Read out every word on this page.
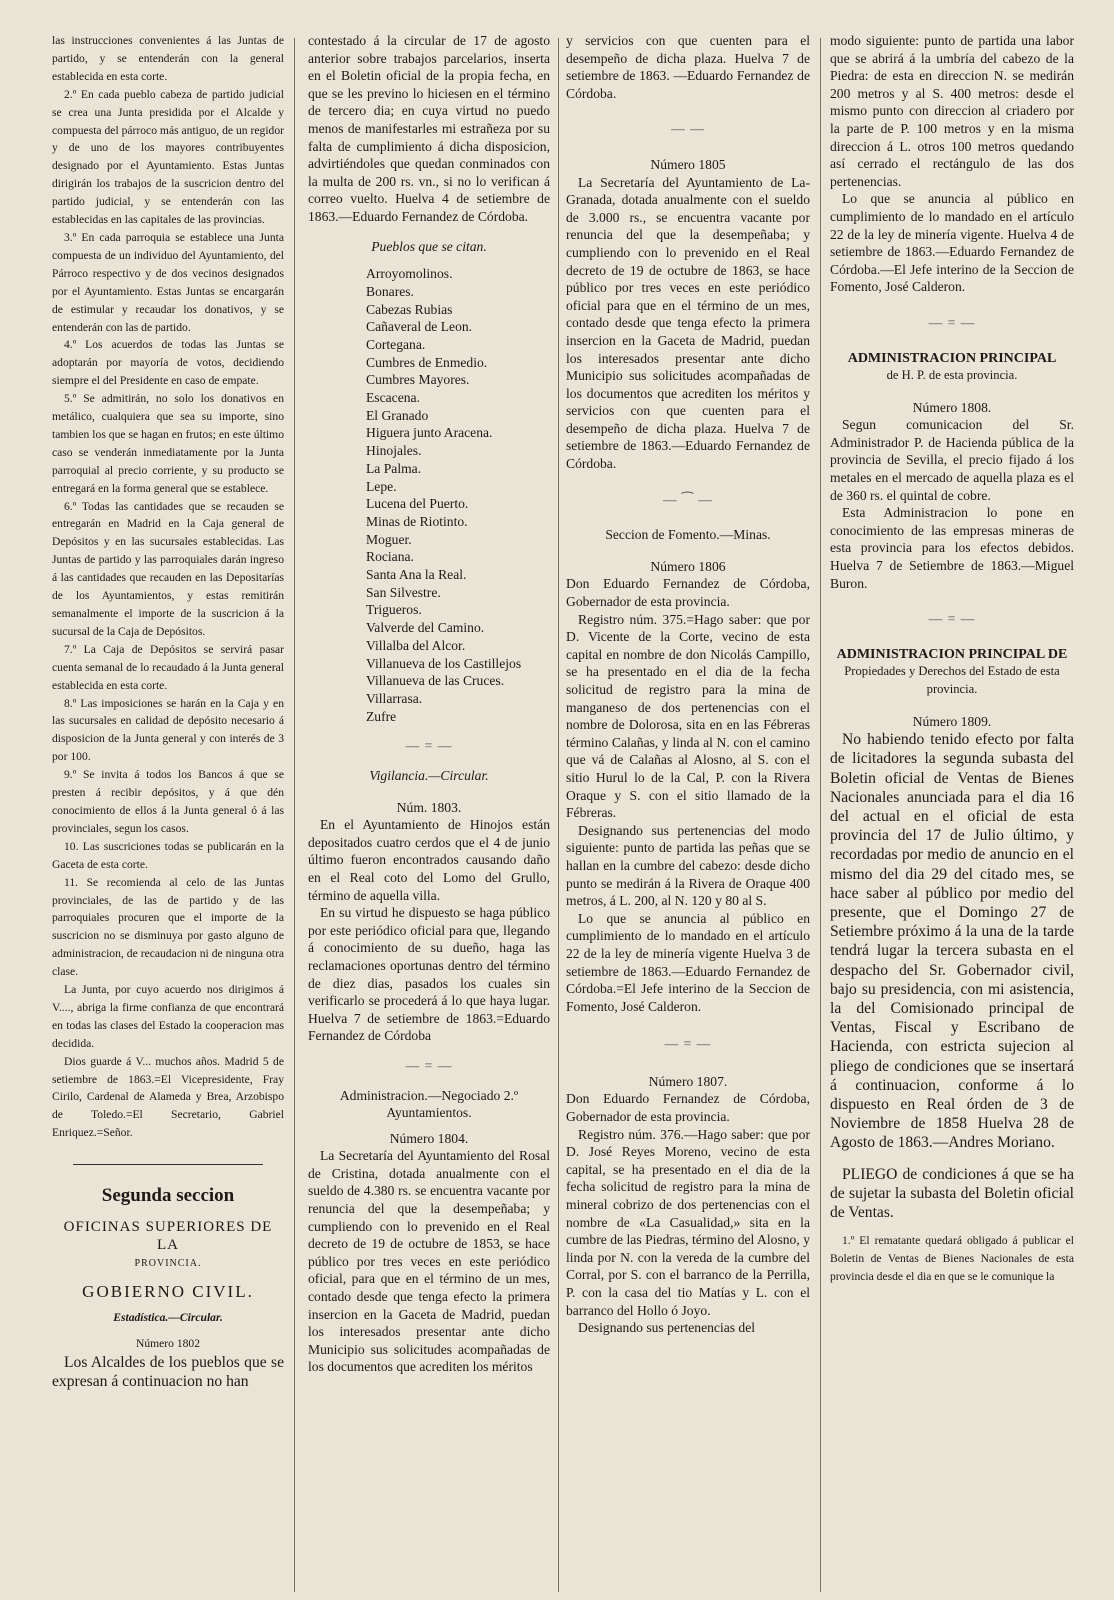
las instrucciones convenientes á las Juntas de partido, y se entenderán con la general establecida en esta corte.

2.º En cada pueblo cabeza de partido judicial se crea una Junta presidida por el Alcalde y compuesta del párroco más antiguo, de un regidor y de uno de los mayores contribuyentes designado por el Ayuntamiento. Estas Juntas dirigirán los trabajos de la suscricion dentro del partido judicial, y se entenderán con las establecidas en las capitales de las provincias.

3.º En cada parroquia se establece una Junta compuesta de un individuo del Ayuntamiento, del Párroco respectivo y de dos vecinos designados por el Ayuntamiento. Estas Juntas se encargarán de estimular y recaudar los donativos, y se entenderán con las de partido.

4.º Los acuerdos de todas las Juntas se adoptarán por mayoría de votos, decidiendo siempre el del Presidente en caso de empate.

5.º Se admitirán, no solo los donativos en metálico, cualquiera que sea su importe, sino tambien los que se hagan en frutos; en este último caso se venderán inmediatamente por la Junta parroquial al precio corriente, y su producto se entregará en la forma general que se establece.

6.º Todas las cantidades que se recauden se entregarán en Madrid en la Caja general de Depósitos y en las sucursales establecidas. Las Juntas de partido y las parroquiales darán ingreso á las cantidades que recauden en las Depositarías de los Ayuntamientos, y estas remitirán semanalmente el importe de la suscricion á la sucursal de la Caja de Depósitos.

7.º La Caja de Depósitos se servirá pasar cuenta semanal de lo recaudado á la Junta general establecida en esta corte.

8.º Las imposiciones se harán en la Caja y en las sucursales en calidad de depósito necesario á disposicion de la Junta general y con interés de 3 por 100.

9.º Se invita á todos los Bancos á que se presten á recibir depósitos, y á que dén conocimiento de ellos á la Junta general ó á las provinciales, segun los casos.

10. Las suscriciones todas se publicarán en la Gaceta de esta corte.

11. Se recomienda al celo de las Juntas provinciales, de las de partido y de las parroquiales procuren que el importe de la suscricion no se disminuya por gasto alguno de administracion, de recaudacion ni de ninguna otra clase.

La Junta, por cuyo acuerdo nos dirigimos á V...., abriga la firme confianza de que encontrará en todas las clases del Estado la cooperacion mas decidida.

Dios guarde á V... muchos años. Madrid 5 de setiembre de 1863.=El Vicepresidente, Fray Cirilo, Cardenal de Alameda y Brea, Arzobispo de Toledo.=El Secretario, Gabriel Enriquez.=Señor.

Segunda seccion
OFICINAS SUPERIORES DE LA
PROVINCIA.
GOBIERNO CIVIL.

Estadística.—Circular.

Número 1802

Los Alcaldes de los pueblos que se expresan á continuacion no han

contestado á la circular de 17 de agosto anterior sobre trabajos parcelarios, inserta en el Boletin oficial de la propia fecha, en que se les previno lo hiciesen en el término de tercero dia; en cuya virtud no puedo menos de manifestarles mi estrañeza por su falta de cumplimiento á dicha disposicion, advirtiéndoles que quedan conminados con la multa de 200 rs. vn., si no lo verifican á correo vuelto. Huelva 4 de setiembre de 1863.—Eduardo Fernandez de Córdoba.

Pueblos que se citan.

Arroyomolinos.
Bonares.
Cabezas Rubias
Cañaveral de Leon.
Cortegana.
Cumbres de Enmedio.
Cumbres Mayores.
Escacena.
El Granado
Higuera junto Aracena.
Hinojales.
La Palma.
Lepe.
Lucena del Puerto.
Minas de Riotinto.
Moguer.
Rociana.
Santa Ana la Real.
San Silvestre.
Trigueros.
Valverde del Camino.
Villalba del Alcor.
Villanueva de los Castillejos
Villanueva de las Cruces.
Villarrasa.
Zufre
— = —

Vigilancia.—Circular.

Núm. 1803.

En el Ayuntamiento de Hinojos están depositados cuatro cerdos que el 4 de junio último fueron encontrados causando daño en el Real coto del Lomo del Grullo, término de aquella villa.

En su virtud he dispuesto se haga público por este periódico oficial para que, llegando á conocimiento de su dueño, haga las reclamaciones oportunas dentro del término de diez dias, pasados los cuales sin verificarlo se procederá á lo que haya lugar. Huelva 7 de setiembre de 1863.=Eduardo Fernandez de Córdoba

— = —

Administracion.—Negociado 2.º Ayuntamientos.

Número 1804.

La Secretaría del Ayuntamiento del Rosal de Cristina, dotada anualmente con el sueldo de 4.380 rs. se encuentra vacante por renuncia del que la desempeñaba; y cumpliendo con lo prevenido en el Real decreto de 19 de octubre de 1853, se hace público por tres veces en este periódico oficial, para que en el término de un mes, contado desde que tenga efecto la primera insercion en la Gaceta de Madrid, puedan los interesados presentar ante dicho Municipio sus solicitudes acompañadas de los documentos que acrediten los méritos

y servicios con que cuenten para el desempeño de dicha plaza. Huelva 7 de setiembre de 1863. —Eduardo Fernandez de Córdoba.

— —

Número 1805

La Secretaría del Ayuntamiento de La-Granada, dotada anualmente con el sueldo de 3.000 rs., se encuentra vacante por renuncia del que la desempeñaba; y cumpliendo con lo prevenido en el Real decreto de 19 de octubre de 1863, se hace público por tres veces en este periódico oficial para que en el término de un mes, contado desde que tenga efecto la primera insercion en la Gaceta de Madrid, puedan los interesados presentar ante dicho Municipio sus solicitudes acompañadas de los documentos que acrediten los méritos y servicios con que cuenten para el desempeño de dicha plaza. Huelva 7 de setiembre de 1863.—Eduardo Fernandez de Córdoba.

— ⁀ —

Seccion de Fomento.—Minas.

Número 1806

Don Eduardo Fernandez de Córdoba, Gobernador de esta provincia.

Registro núm. 375.=Hago saber: que por D. Vicente de la Corte, vecino de esta capital en nombre de don Nicolás Campillo, se ha presentado en el dia de la fecha solicitud de registro para la mina de manganeso de dos pertenencias con el nombre de Dolorosa, sita en en las Fébreras término Calañas, y linda al N. con el camino que vá de Calañas al Alosno, al S. con el sitio Hurul lo de la Cal, P. con la Rivera Oraque y S. con el sitio llamado de la Fébreras.

Designando sus pertenencias del modo siguiente: punto de partida las peñas que se hallan en la cumbre del cabezo: desde dicho punto se medirán á la Rivera de Oraque 400 metros, á L. 200, al N. 120 y 80 al S.

Lo que se anuncia al público en cumplimiento de lo mandado en el artículo 22 de la ley de minería vigente Huelva 3 de setiembre de 1863.—Eduardo Fernandez de Córdoba.=El Jefe interino de la Seccion de Fomento, José Calderon.

— = —

Número 1807.

Don Eduardo Fernandez de Córdoba, Gobernador de esta provincia.

Registro núm. 376.—Hago saber: que por D. José Reyes Moreno, vecino de esta capital, se ha presentado en el dia de la fecha solicitud de registro para la mina de mineral cobrizo de dos pertenencias con el nombre de «La Casualidad,» sita en la cumbre de las Piedras, término del Alosno, y linda por N. con la vereda de la cumbre del Corral, por S. con el barranco de la Perrilla, P. con la casa del tio Matías y L. con el barranco del Hollo ó Joyo.

Designando sus pertenencias del

modo siguiente: punto de partida una labor que se abrirá á la umbría del cabezo de la Piedra: de esta en direccion N. se medirán 200 metros y al S. 400 metros: desde el mismo punto con direccion al criadero por la parte de P. 100 metros y en la misma direccion á L. otros 100 metros quedando así cerrado el rectángulo de las dos pertenencias.

Lo que se anuncia al público en cumplimiento de lo mandado en el artículo 22 de la ley de minería vigente. Huelva 4 de setiembre de 1863.—Eduardo Fernandez de Córdoba.—El Jefe interino de la Seccion de Fomento, José Calderon.

— = —

ADMINISTRACION PRINCIPAL

de H. P. de esta provincia.

Número 1808.

Segun comunicacion del Sr. Administrador P. de Hacienda pública de la provincia de Sevilla, el precio fijado á los metales en el mercado de aquella plaza es el de 360 rs. el quintal de cobre.

Esta Administracion lo pone en conocimiento de las empresas mineras de esta provincia para los efectos debidos. Huelva 7 de Setiembre de 1863.—Miguel Buron.

— = —

ADMINISTRACION PRINCIPAL DE

Propiedades y Derechos del Estado de esta provincia.

Número 1809.

No habiendo tenido efecto por falta de licitadores la segunda subasta del Boletin oficial de Ventas de Bienes Nacionales anunciada para el dia 16 del actual en el oficial de esta provincia del 17 de Julio último, y recordadas por medio de anuncio en el mismo del dia 29 del citado mes, se hace saber al público por medio del presente, que el Domingo 27 de Setiembre próximo á la una de la tarde tendrá lugar la tercera subasta en el despacho del Sr. Gobernador civil, bajo su presidencia, con mi asistencia, la del Comisionado principal de Ventas, Fiscal y Escribano de Hacienda, con estricta sujecion al pliego de condiciones que se insertará á continuacion, conforme á lo dispuesto en Real órden de 3 de Noviembre de 1858 Huelva 28 de Agosto de 1863.—Andres Moriano.

PLIEGO de condiciones á que se ha de sujetar la subasta del Boletin oficial de Ventas.

1.º El rematante quedará obligado á publicar el Boletin de Ventas de Bienes Nacionales de esta provincia desde el dia en que se le comunique la
